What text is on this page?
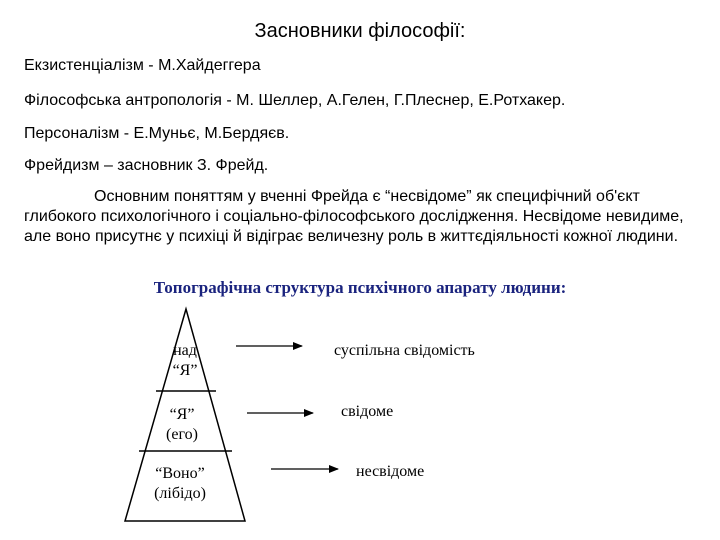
Засновники філософії:
Екзистенціалізм - М.Хайдеггера
Філософська антропологія - М. Шеллер, А.Гелен, Г.Плеснер, Е.Ротхакер.
Персоналізм - Е.Муньє, М.Бердяєв.
Фрейдизм – засновник З. Фрейд.
Основним поняттям у вченні Фрейда є “несвідоме” як специфічний об'єкт глибокого психологічного і соціально-філософського дослідження. Несвідоме невидиме, але воно присутнє у психіці й відіграє величезну роль в життєдіяльності кожної людини.
Топографічна структура психічного апарату людини:
над
“Я”
“Я”
(его)
“Воно”
(лібідо)
суспільна свідомість
свідоме
несвідоме
